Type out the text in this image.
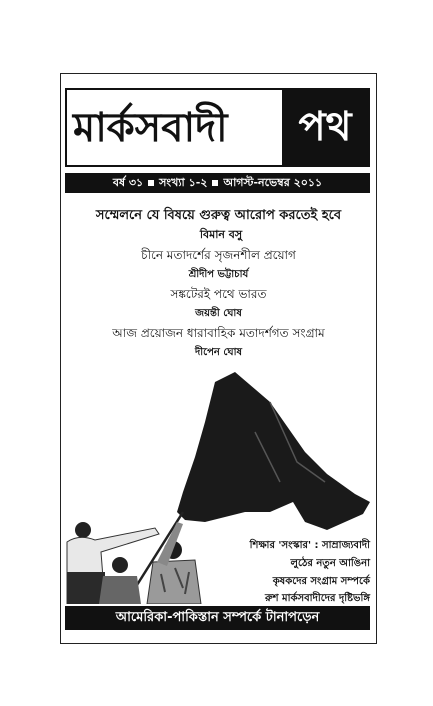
মার্কসবাদী	পথ
বর্ষ ৩১ সংখ্যা ১-২ আগস্ট-নভেম্বর ২০১১
সম্মেলনে যে বিষয়ে গুরুত্ব আরোপ করতেই হবে
বিমান বসু
চীনে মতাদর্শের সৃজনশীল প্রয়োগ
শ্রীদীপ ভট্টাচার্য
সঙ্কটেরই পথে ভারত
জয়ন্তী ঘোষ
আজ প্রয়োজন ধারাবাহিক মতাদর্শগত সংগ্রাম
দীপেন ঘোষ
শিক্ষার 'সংস্কার' : সাম্রাজ্যবাদী
লুঠের নতুন আঙিনা
কৃষকদের সংগ্রাম সম্পর্কে
রুশ মার্কসবাদীদের দৃষ্টিভঙ্গি
আমেরিকা-পাকিস্তান সম্পর্কে টানাপড়েন
